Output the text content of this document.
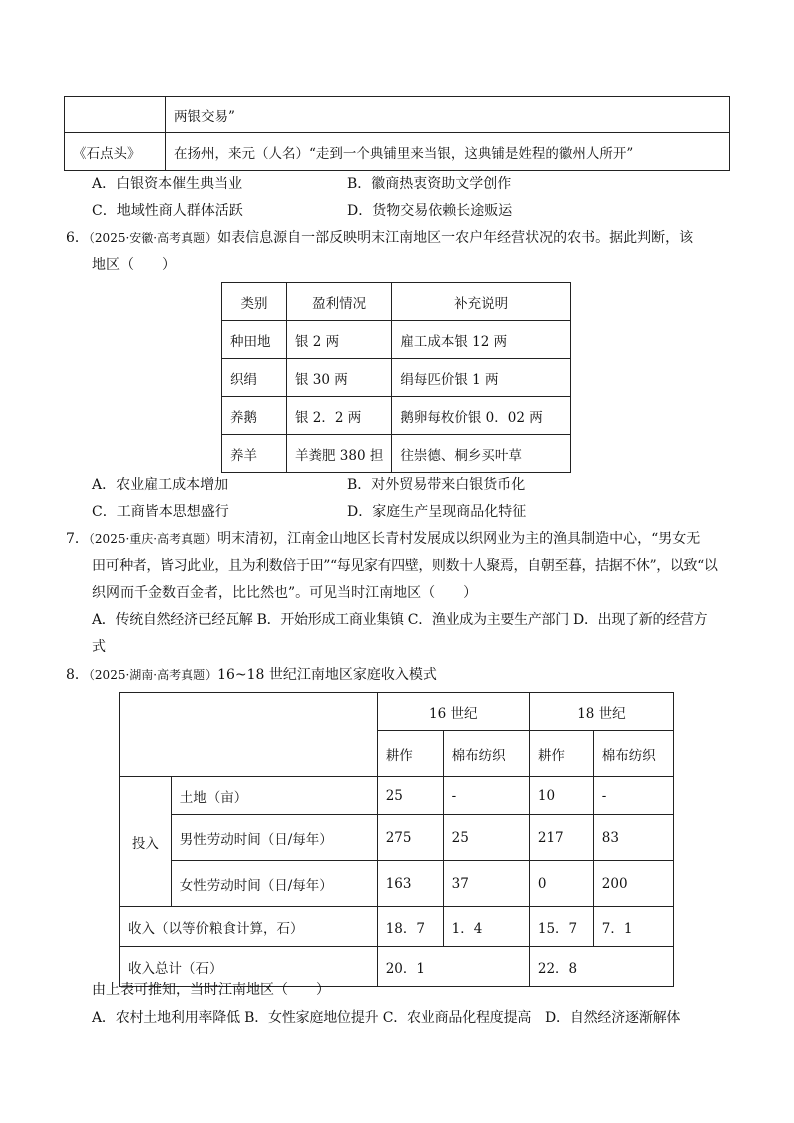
	两银交易”
《石点头》	在扬州，来元（人名）“走到一个典铺里来当银，这典铺是姓程的徽州人所开”
A．白银资本催生典当业	B．徽商热衷资助文学创作
C．地域性商人群体活跃	D．货物交易依赖长途贩运
6．（2025·安徽·高考真题）如表信息源自一部反映明末江南地区一农户年经营状况的农书。据此判断，该
地区（　　）
类别	盈利情况	补充说明
种田地	银 2 两	雇工成本银 12 两
织绢	银 30 两	绢每匹价银 1 两
养鹅	银 2．2 两	鹅卵每枚价银 0．02 两
养羊	羊粪肥 380 担	往崇德、桐乡买叶草
A．农业雇工成本增加	B．对外贸易带来白银货币化
C．工商皆本思想盛行	D．家庭生产呈现商品化特征
7．（2025·重庆·高考真题）明末清初，江南金山地区长青村发展成以织网业为主的渔具制造中心，“男女无
田可种者，皆习此业，且为利数倍于田”“每见家有四壁，则数十人聚焉，自朝至暮，拮据不休”，以致“以
织网而千金数百金者，比比然也”。可见当时江南地区（　　）
A．传统自然经济已经瓦解 B．开始形成工商业集镇 C．渔业成为主要生产部门 D．出现了新的经营方
式
8．（2025·湖南·高考真题）16~18 世纪江南地区家庭收入模式
		16 世纪		18 世纪	
		耕作	棉布纺织	耕作	棉布纺织
投入	土地（亩）	25	-	10	-
	男性劳动时间（日/每年）	275	25	217	83
	女性劳动时间（日/每年）	163	37	0	200
收入（以等价粮食计算，石）		18．7	1．4	15．7	7．1
收入总计（石）		20．1		22．8	
由上表可推知，当时江南地区（　　）
A．农村土地利用率降低 B．女性家庭地位提升 C．农业商品化程度提高　D．自然经济逐渐解体
